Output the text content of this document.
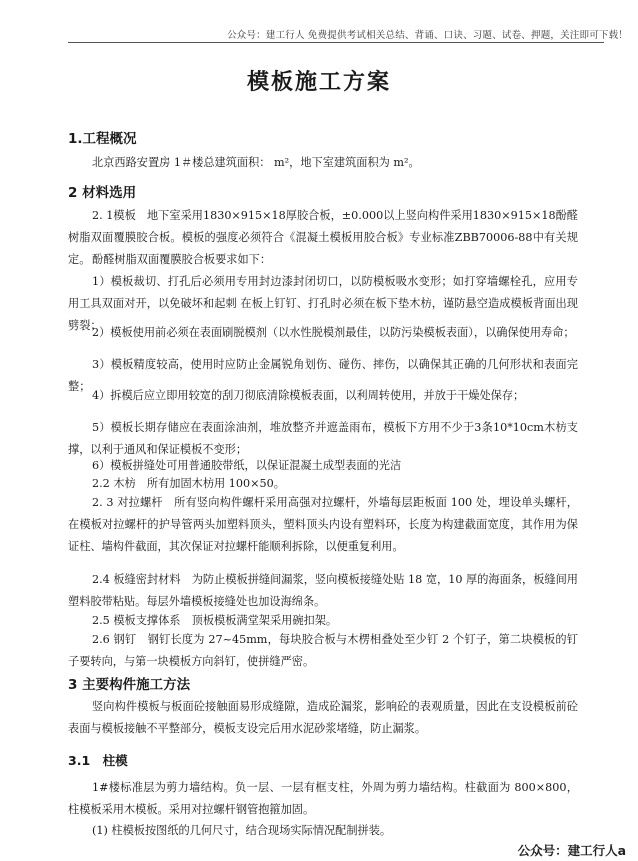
公众号：建工行人 免费提供考试相关总结、背诵、口诀、习题、试卷、押题，关注即可下载！
模板施工方案
1.工程概况
北京西路安置房 1＃楼总建筑面积： m²，地下室建筑面积为 m²。
2 材料选用
2. 1模板　地下室采用1830×915×18厚胶合板，±0.000以上竖向构件采用1830×915×18酚醛树脂双面覆膜胶合板。模板的强度必须符合《混凝土模板用胶合板》专业标准ZBB70006-88中有关规定。 酚醛树脂双面覆膜胶合板要求如下：
1）模板裁切、打孔后必须用专用封边漆封闭切口，以防模板吸水变形；如打穿墙螺栓孔，应用专用工具双面对开，以免破坏和起刺 在板上钉钉、打孔时必须在板下垫木枋，谨防悬空造成模板背面出现劈裂；
2）模板使用前必须在表面刷脱模剂（以水性脱模剂最佳，以防污染模板表面），以确保使用寿命；
3）模板精度较高，使用时应防止金属锐角划伤、碰伤、摔伤，以确保其正确的几何形状和表面完整；
4）拆模后应立即用较宽的刮刀彻底清除模板表面，以利周转使用，并放于干燥处保存；
5）模板长期存储应在表面涂油剂，堆放整齐并遮盖雨布，模板下方用不少于3条10*10cm木枋支撑，以利于通风和保证模板不变形；
6）模板拼缝处可用普通胶带纸，以保证混凝土成型表面的光洁
2.2 木枋　所有加固木枋用 100×50。
2. 3 对拉螺杆　所有竖向构件螺杆采用高强对拉螺杆，外墙每层距板面 100 处，埋设单头螺杆，在模板对拉螺杆的护导管两头加塑料顶头，塑料顶头内设有塑料环，长度为构建截面宽度，其作用为保证柱、墙构件截面，其次保证对拉螺杆能顺利拆除，以便重复利用。
2.4 板缝密封材料　为防止模板拼缝间漏浆，竖向模板接缝处贴 18 宽，10 厚的海面条，板缝间用塑料胶带粘贴。每层外墙模板接缝处也加设海绵条。
2.5 模板支撑体系　顶板模板满堂架采用碗扣架。
2.6 钢钉　钢钉长度为 27~45mm，每块胶合板与木楞相叠处至少钉 2 个钉子，第二块模板的钉子要转向，与第一块模板方向斜钉，使拼缝严密。
3 主要构件施工方法
竖向构件模板与板面砼接触面易形成缝隙，造成砼漏浆，影响砼的表观质量，因此在支设模板前砼表面与模板接触不平整部分，模板支设完后用水泥砂浆堵缝，防止漏浆。
3.1　柱模
1#楼标准层为剪力墙结构。负一层、一层有框支柱，外周为剪力墙结构。柱截面为 800×800，柱模板采用木模板。采用对拉螺杆钢管抱箍加固。
(1) 柱模板按图纸的几何尺寸，结合现场实际情况配制拼装。
公众号：建工行人a
